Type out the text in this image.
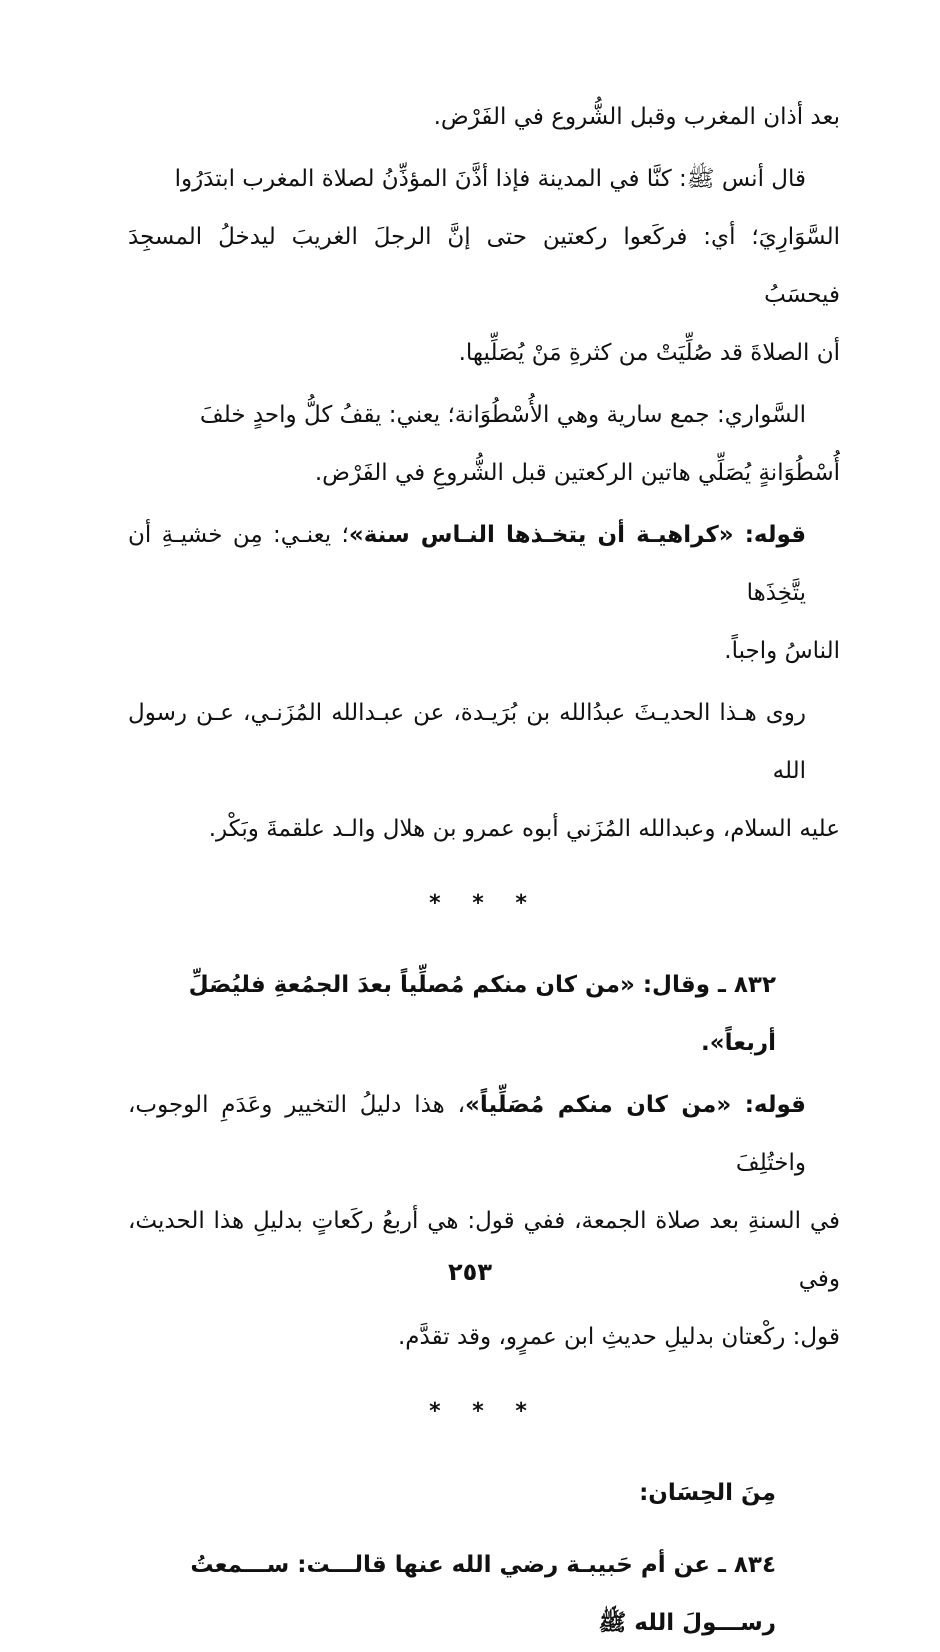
بعد أذان المغرب وقبل الشُّروع في الفَرْض.

قال أنس ﷺ: كنَّا في المدينة فإذا أذَّنَ المؤذِّنُ لصلاة المغرب ابتدَرُوا

السَّوَارِيَ؛ أي: فركَعوا ركعتين حتى إنَّ الرجلَ الغريبَ ليدخلُ المسجِدَ فيحسَبُ
أن الصلاةَ قد صُلِّيَتْ من كثرةِ مَنْ يُصَلِّيها.

السَّواري: جمع سارية وهي الأُسْطُوَانة؛ يعني: يقفُ كلُّ واحدٍ خلفَ

أُسْطُوَانةٍ يُصَلِّي هاتين الركعتين قبل الشُّروعِ في الفَرْض.

قوله: «كراهيـة أن يتخـذها النـاس سنة»؛ يعنـي: مِن خشيـةِ أن يتَّخِذَها

الناسُ واجباً.

روى هـذا الحديـثَ عبدُالله بن بُرَيـدة، عن عبـدالله المُزَنـي، عـن رسول الله

عليه السلام، وعبدالله المُزَني أبوه عمرو بن هلال والـد علقمةَ وبَكْر.

* * *

٨٣٢ ـ وقال: «من كان منكم مُصلِّياً بعدَ الجمُعةِ فليُصَلِّ أربعاً».

قوله: «من كان منكم مُصَلِّياً»، هذا دليلُ التخيير وعَدَمِ الوجوب، واختُلِفَ

في السنةِ بعد صلاة الجمعة، ففي قول: هي أربعُ ركَعاتٍ بدليلِ هذا الحديث، وفي
قول: ركْعتان بدليلِ حديثِ ابن عمرٍو، وقد تقدَّم.

* * *

مِنَ الحِسَان:

٨٣٤ ـ عن أم حَبيبـة رضي الله عنها قالـــت: ســـمعتُ رســـولَ الله ﷺ

٢٥٣
